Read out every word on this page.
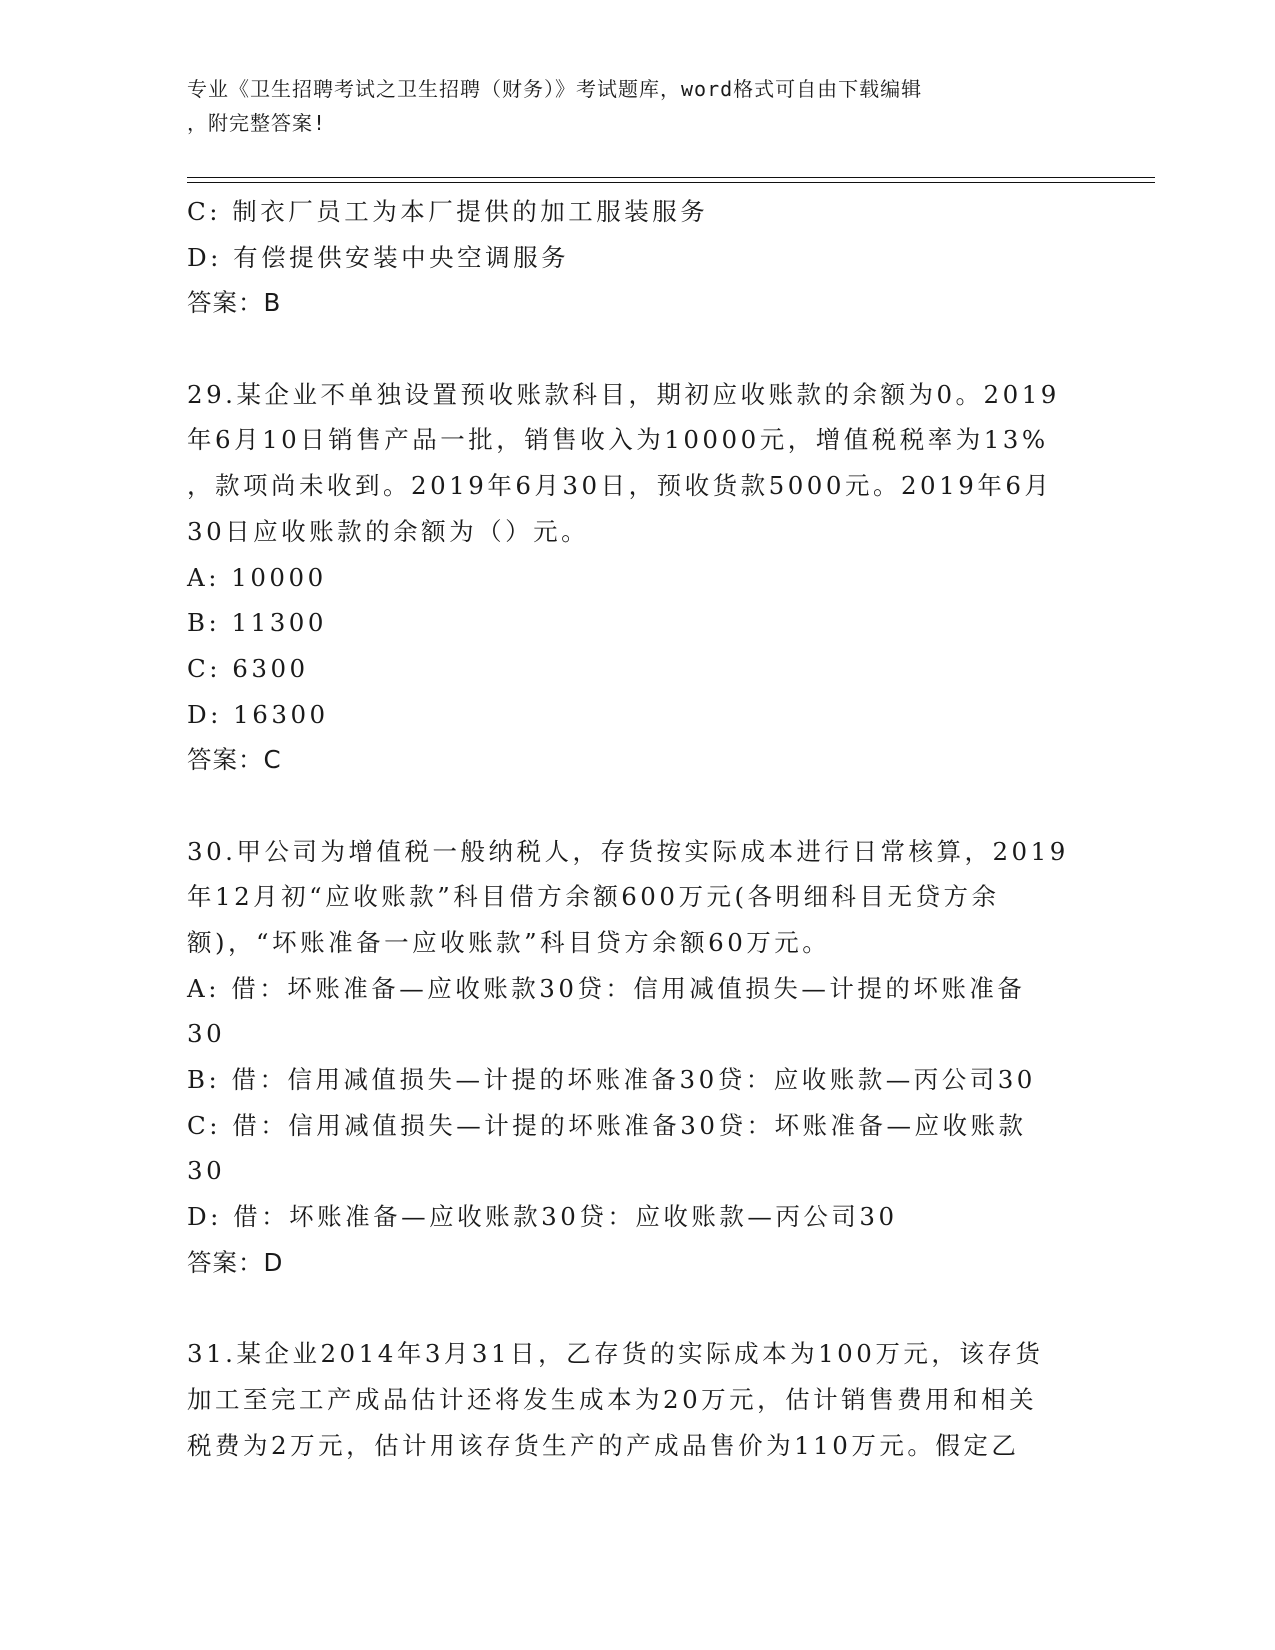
专业《卫生招聘考试之卫生招聘（财务）》考试题库，word格式可自由下载编辑
，附完整答案!
C: 制衣厂员工为本厂提供的加工服装服务
D: 有偿提供安装中央空调服务
答案：B
29.某企业不单独设置预收账款科目，期初应收账款的余额为0。2019
年6月10日销售产品一批，销售收入为10000元，增值税税率为13%
，款项尚未收到。2019年6月30日，预收货款5000元。2019年6月
30日应收账款的余额为（）元。
A: 10000
B: 11300
C: 6300
D: 16300
答案：C
30.甲公司为增值税一般纳税人，存货按实际成本进行日常核算，2019
年12月初“应收账款”科目借方余额600万元(各明细科目无贷方余
额)，“坏账准备一应收账款”科目贷方余额60万元。
A: 借：坏账准备—应收账款30贷：信用减值损失—计提的坏账准备
30
B: 借：信用减值损失—计提的坏账准备30贷：应收账款—丙公司30
C: 借：信用减值损失—计提的坏账准备30贷：坏账准备—应收账款
30
D: 借：坏账准备—应收账款30贷：应收账款—丙公司30
答案：D
31.某企业2014年3月31日，乙存货的实际成本为100万元，该存货
加工至完工产成品估计还将发生成本为20万元，估计销售费用和相关
税费为2万元，估计用该存货生产的产成品售价为110万元。假定乙
